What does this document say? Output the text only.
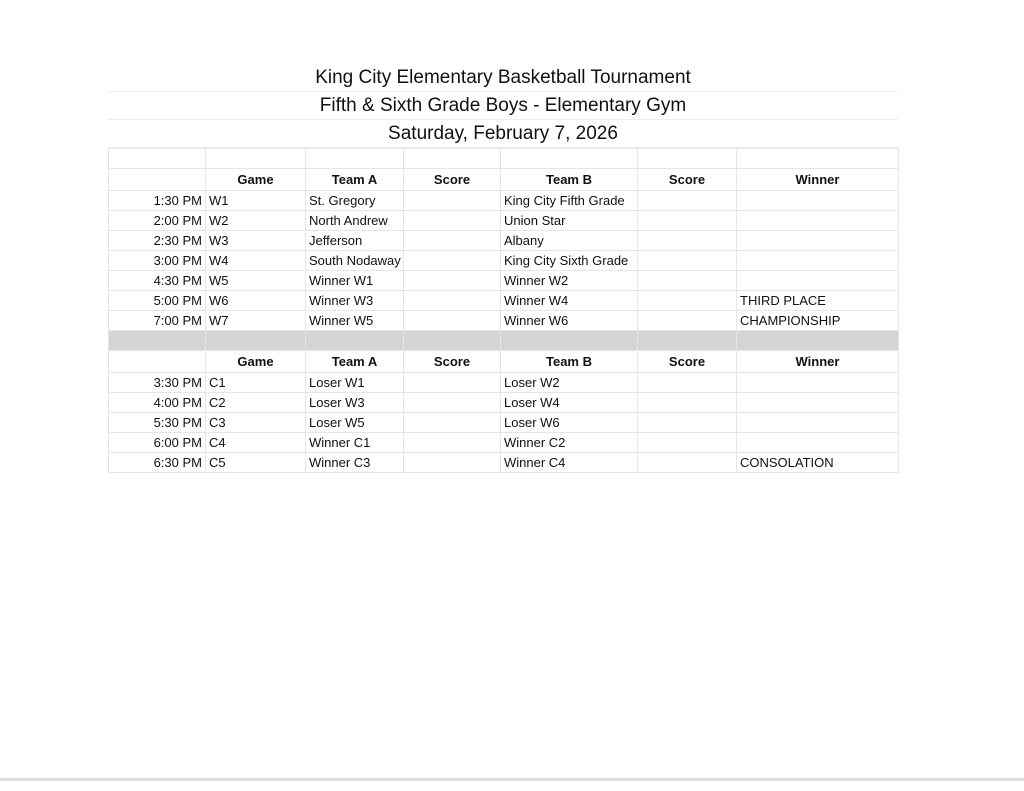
King City Elementary Basketball Tournament
Fifth & Sixth Grade Boys - Elementary Gym
Saturday, February 7, 2026

	Game	Team A	Score	Team B	Score	Winner
1:30 PM	W1	St. Gregory		King City Fifth Grade		
2:00 PM	W2	North Andrew		Union Star		
2:30 PM	W3	Jefferson		Albany		
3:00 PM	W4	South Nodaway		King City Sixth Grade		
4:30 PM	W5	Winner W1		Winner W2		
5:00 PM	W6	Winner W3		Winner W4		THIRD PLACE
7:00 PM	W7	Winner W5		Winner W6		CHAMPIONSHIP

	Game	Team A	Score	Team B	Score	Winner
3:30 PM	C1	Loser W1		Loser W2		
4:00 PM	C2	Loser W3		Loser W4		
5:30 PM	C3	Loser W5		Loser W6		
6:00 PM	C4	Winner C1		Winner C2		
6:30 PM	C5	Winner C3		Winner C4		CONSOLATION
